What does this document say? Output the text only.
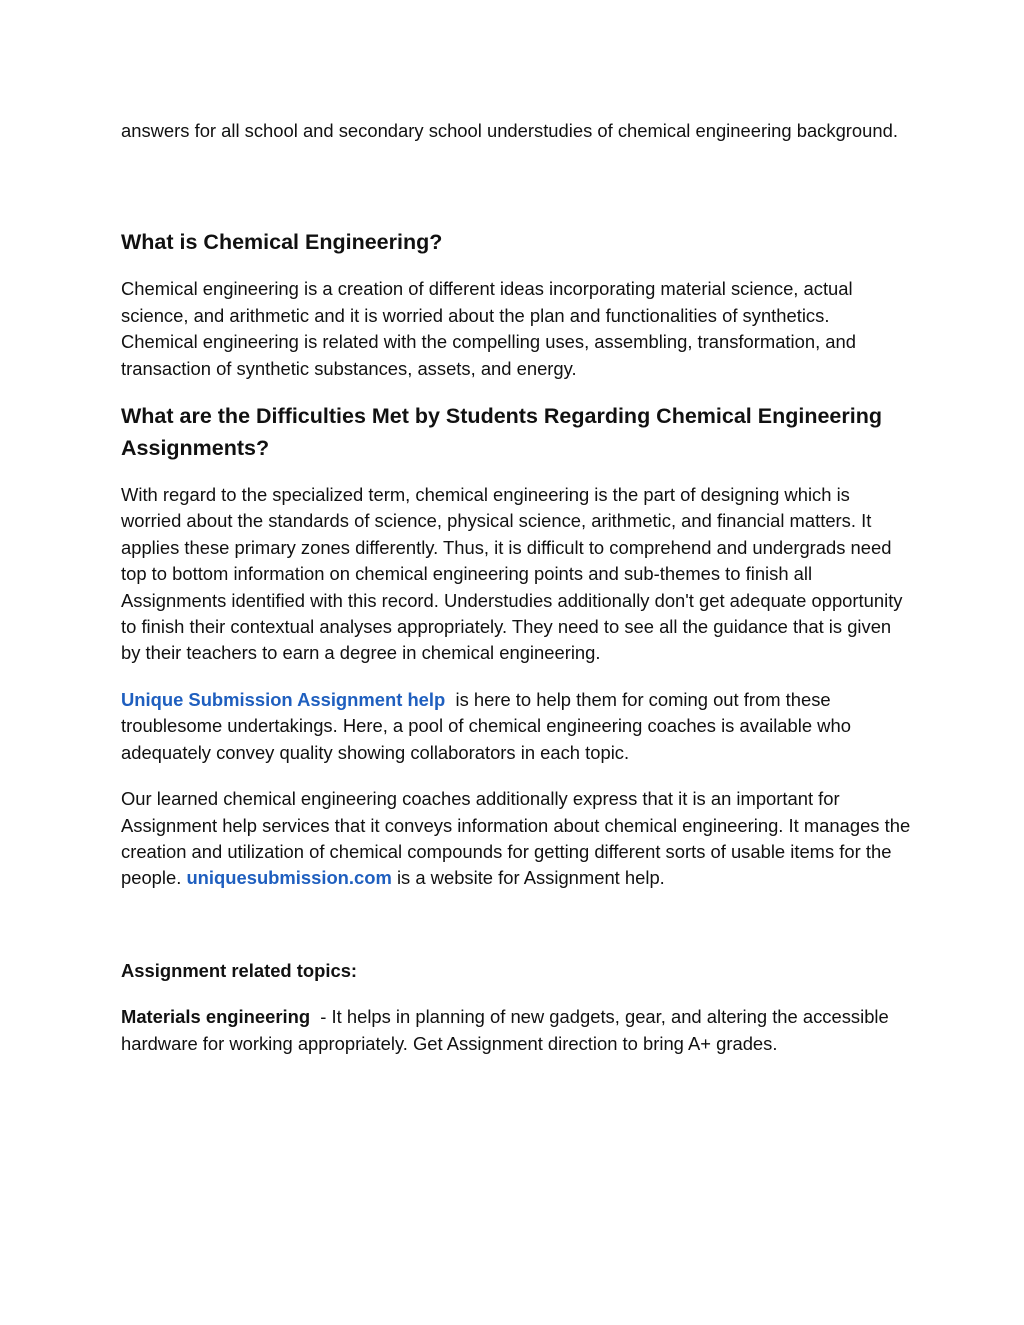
answers for all school and secondary school understudies of chemical engineering background.

What is Chemical Engineering?

Chemical engineering is a creation of different ideas incorporating material science, actual science, and arithmetic and it is worried about the plan and functionalities of synthetics. Chemical engineering is related with the compelling uses, assembling, transformation, and transaction of synthetic substances, assets, and energy.

What are the Difficulties Met by Students Regarding Chemical Engineering Assignments?

With regard to the specialized term, chemical engineering is the part of designing which is worried about the standards of science, physical science, arithmetic, and financial matters. It applies these primary zones differently. Thus, it is difficult to comprehend and undergrads need top to bottom information on chemical engineering points and sub-themes to finish all Assignments identified with this record. Understudies additionally don't get adequate opportunity to finish their contextual analyses appropriately. They need to see all the guidance that is given by their teachers to earn a degree in chemical engineering.

Unique Submission Assignment help  is here to help them for coming out from these troublesome undertakings. Here, a pool of chemical engineering coaches is available who adequately convey quality showing collaborators in each topic.

Our learned chemical engineering coaches additionally express that it is an important for Assignment help services that it conveys information about chemical engineering. It manages the creation and utilization of chemical compounds for getting different sorts of usable items for the people. uniquesubmission.com is a website for Assignment help.

Assignment related topics:

Materials engineering  - It helps in planning of new gadgets, gear, and altering the accessible hardware for working appropriately. Get Assignment direction to bring A+ grades.
